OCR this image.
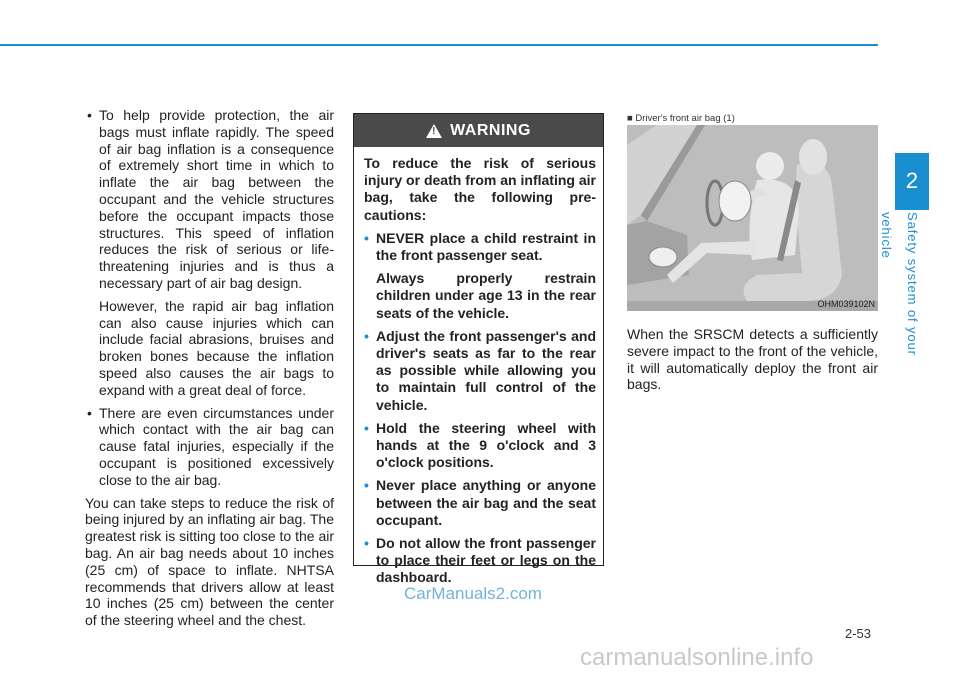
2
Safety system of your vehicle
• To help provide protection, the air bags must inflate rapidly. The speed of air bag inflation is a consequence of extremely short time in which to inflate the air bag between the occupant and the vehicle structures before the occupant impacts those structures. This speed of inflation reduces the risk of serious or life-threatening injuries and is thus a necessary part of air bag design.

However, the rapid air bag inflation can also cause injuries which can include facial abrasions, bruises and broken bones because the inflation speed also causes the air bags to expand with a great deal of force.

• There are even circumstances under which contact with the air bag can cause fatal injuries, especially if the occupant is positioned excessively close to the air bag.

You can take steps to reduce the risk of being injured by an inflating air bag. The greatest risk is sitting too close to the air bag. An air bag needs about 10 inches (25 cm) of space to inflate. NHTSA recommends that drivers allow at least 10 inches (25 cm) between the center of the steering wheel and the chest.

!
WARNING

To reduce the risk of serious injury or death from an inflating air bag, take the following pre-cautions:

• NEVER place a child restraint in the front passenger seat.

Always properly restrain children under age 13 in the rear seats of the vehicle.

• Adjust the front passenger's and driver's seats as far to the rear as possible while allowing you to maintain full control of the vehicle.

• Hold the steering wheel with hands at the 9 o'clock and 3 o'clock positions.

• Never place anything or anyone between the air bag and the seat occupant.

• Do not allow the front passenger to place their feet or legs on the dashboard.

■ Driver's front air bag (1)
OHM039102N
When the SRSCM detects a sufficiently severe impact to the front of the vehicle, it will automatically deploy the front air bags.
2-53
CarManuals2.com
carmanualsonline.info
